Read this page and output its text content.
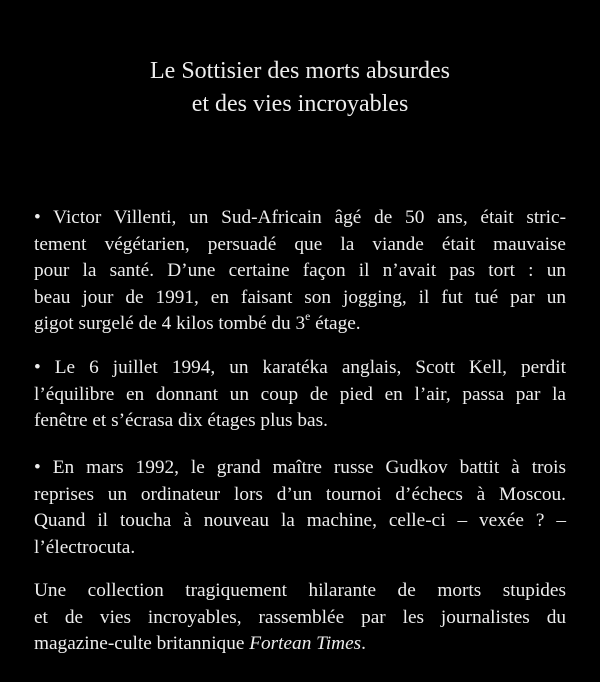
Le Sottisier des morts absurdes
et des vies incroyables
• Victor Villenti, un Sud-Africain âgé de 50 ans, était stric-
tement végétarien, persuadé que la viande était mauvaise
pour la santé. D’une certaine façon il n’avait pas tort : un
beau jour de 1991, en faisant son jogging, il fut tué par un
gigot surgelé de 4 kilos tombé du 3e étage.
• Le 6 juillet 1994, un karatéka anglais, Scott Kell, perdit
l’équilibre en donnant un coup de pied en l’air, passa par la
fenêtre et s’écrasa dix étages plus bas.
• En mars 1992, le grand maître russe Gudkov battit à trois
reprises un ordinateur lors d’un tournoi d’échecs à Moscou.
Quand il toucha à nouveau la machine, celle-ci – vexée ? –
l’électrocuta.
Une collection tragiquement hilarante de morts stupides
et de vies incroyables, rassemblée par les journalistes du
magazine-culte britannique Fortean Times.
